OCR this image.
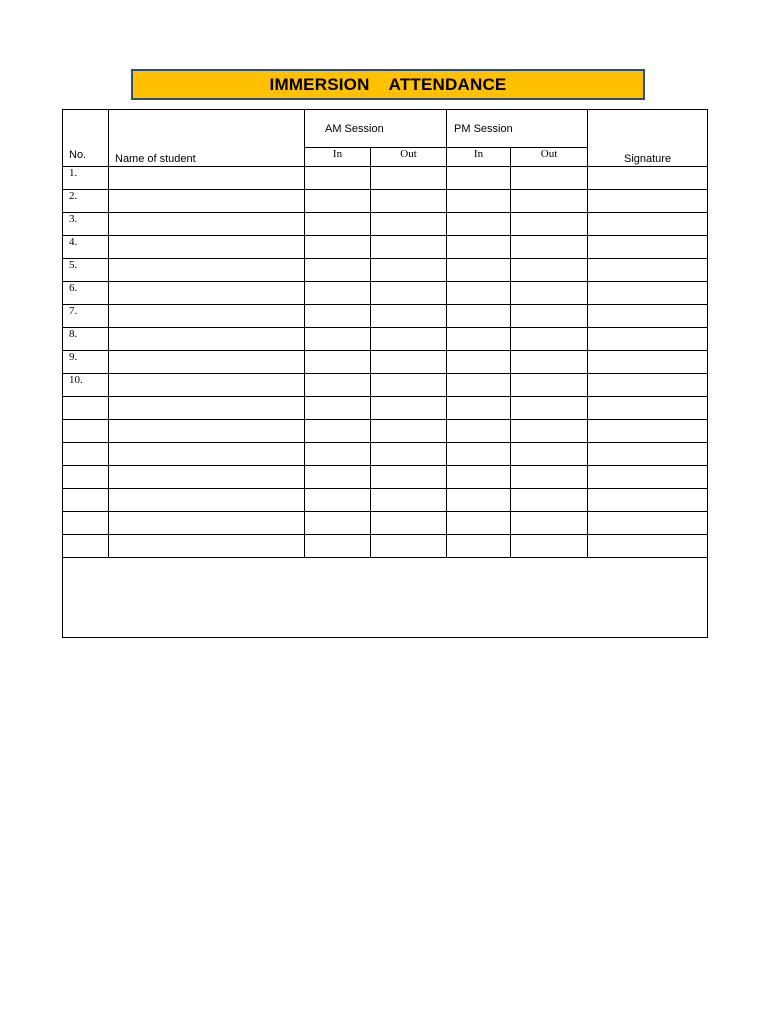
IMMERSION    ATTENDANCE
No.	Name of student	AM Session		PM Session		Signature
		In	Out	In	Out	
1.						
2.						
3.						
4.						
5.						
6.						
7.						
8.						
9.						
10.						
